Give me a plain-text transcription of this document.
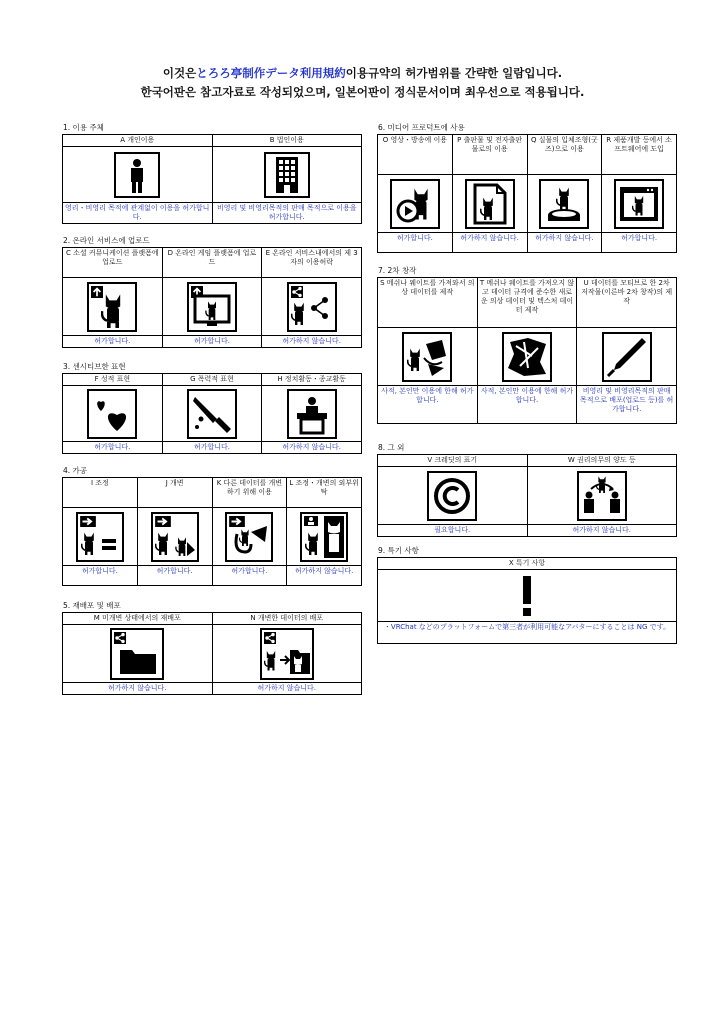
이것은とろろ亭制作データ利用規約이용규약의 허가범위를 간략한 일람입니다.
한국어판은 참고자료로 작성되었으며, 일본어판이 정식문서이며 최우선으로 적용됩니다.
1. 이용 주체
A 개인이용	B 법인이용

영리・비영리 목적에 관계없이 이용을 허가합니다.	비영리 및 비영리목적의 판매 목적으로 이용을 허가합니다.
2. 온라인 서비스에 업로드
C 소셜 커뮤니케이션 플랫폼에 업로드	D 온라인 게임 플랫폼에 업로드	E 온라인 서비스내에서의 제 3자의 이용허락

허가합니다.	허가합니다.	허가하지 않습니다.
3. 센시티브한 표현
F 성적 표현	G 폭력적 표현	H 정치활동・종교활동

허가합니다.	허가합니다.	허가하지 않습니다.
4. 가공
I 조정	J 개변	K 다른 데이터를 개변하기 위해 이용	L 조정・개변의 외부위탁

허가합니다.	허가합니다.	허가합니다.	허가하지 않습니다.
5. 재배포 및 배포
M 미개변 상태에서의 재배포	N 개변한 데이터의 배포

허가하지 않습니다.	허가하지 않습니다.
6. 미디어 프로덕트에 사용
O 영상・방송에 이용	P 출판물 및 전자출판물로의 이용	Q 실물의 입체조형(굿즈)으로 이용	R 제품개발 등에서 소프트웨어에 도입

허가합니다.	허가하지 않습니다.	허가하지 않습니다.	허가합니다.
7. 2차 창작
S 메쉬나 웨이트를 가져와서 의상 데이터를 제작	T 메쉬나 웨이트를 가져오지 않고 데이터 규격에 준수한 새로운 의상 데이터 및 텍스처 데이터 제작	U 데이터를 모티브로 한 2차 저작물(이른바 2차 창작)의 제작

사적, 본인만 이용에 한해 허가합니다.	사적, 본인만 이용에 한해 허가합니다.	비영리 및 비영리목적의 판매 목적으로 배포(업로드 등)를 허가합니다.
8. 그 외
V 크레딧의 표기	W 권리의무의 양도 등

필요합니다.	허가하지 않습니다.
9. 특기 사항
X 특기 사항

・VRChat などのプラットフォームで第三者が利用可能なアバターにすることは NG です。
